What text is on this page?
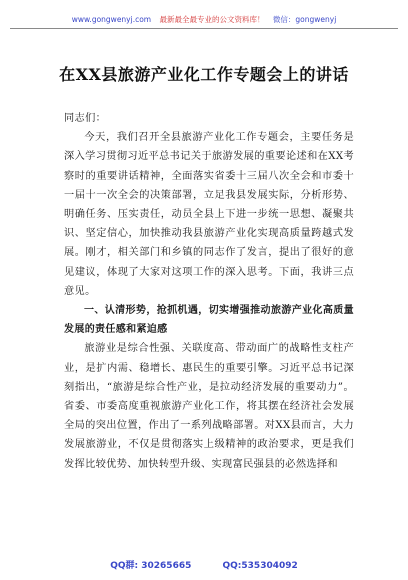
www.gongwenyj.com 最新最全最专业的公文资料库！ 微信：gongwenyj
在XX县旅游产业化工作专题会上的讲话

同志们：

今天，我们召开全县旅游产业化工作专题会，主要任务是深入学习贯彻习近平总书记关于旅游发展的重要论述和在XX考察时的重要讲话精神，全面落实省委十三届八次全会和市委十一届十一次全会的决策部署，立足我县发展实际，分析形势、明确任务、压实责任，动员全县上下进一步统一思想、凝聚共识、坚定信心，加快推动我县旅游产业化实现高质量跨越式发展。刚才，相关部门和乡镇的同志作了发言，提出了很好的意见建议，体现了大家对这项工作的深入思考。下面，我讲三点意见。

一、认清形势，抢抓机遇，切实增强推动旅游产业化高质量发展的责任感和紧迫感

旅游业是综合性强、关联度高、带动面广的战略性支柱产业，是扩内需、稳增长、惠民生的重要引擎。习近平总书记深刻指出，“旅游是综合性产业，是拉动经济发展的重要动力”。省委、市委高度重视旅游产业化工作，将其摆在经济社会发展全局的突出位置，作出了一系列战略部署。对XX县而言，大力发展旅游业，不仅是贯彻落实上级精神的政治要求，更是我们发挥比较优势、加快转型升级、实现富民强县的必然选择和

QQ群: 30265665	QQ:535304092
